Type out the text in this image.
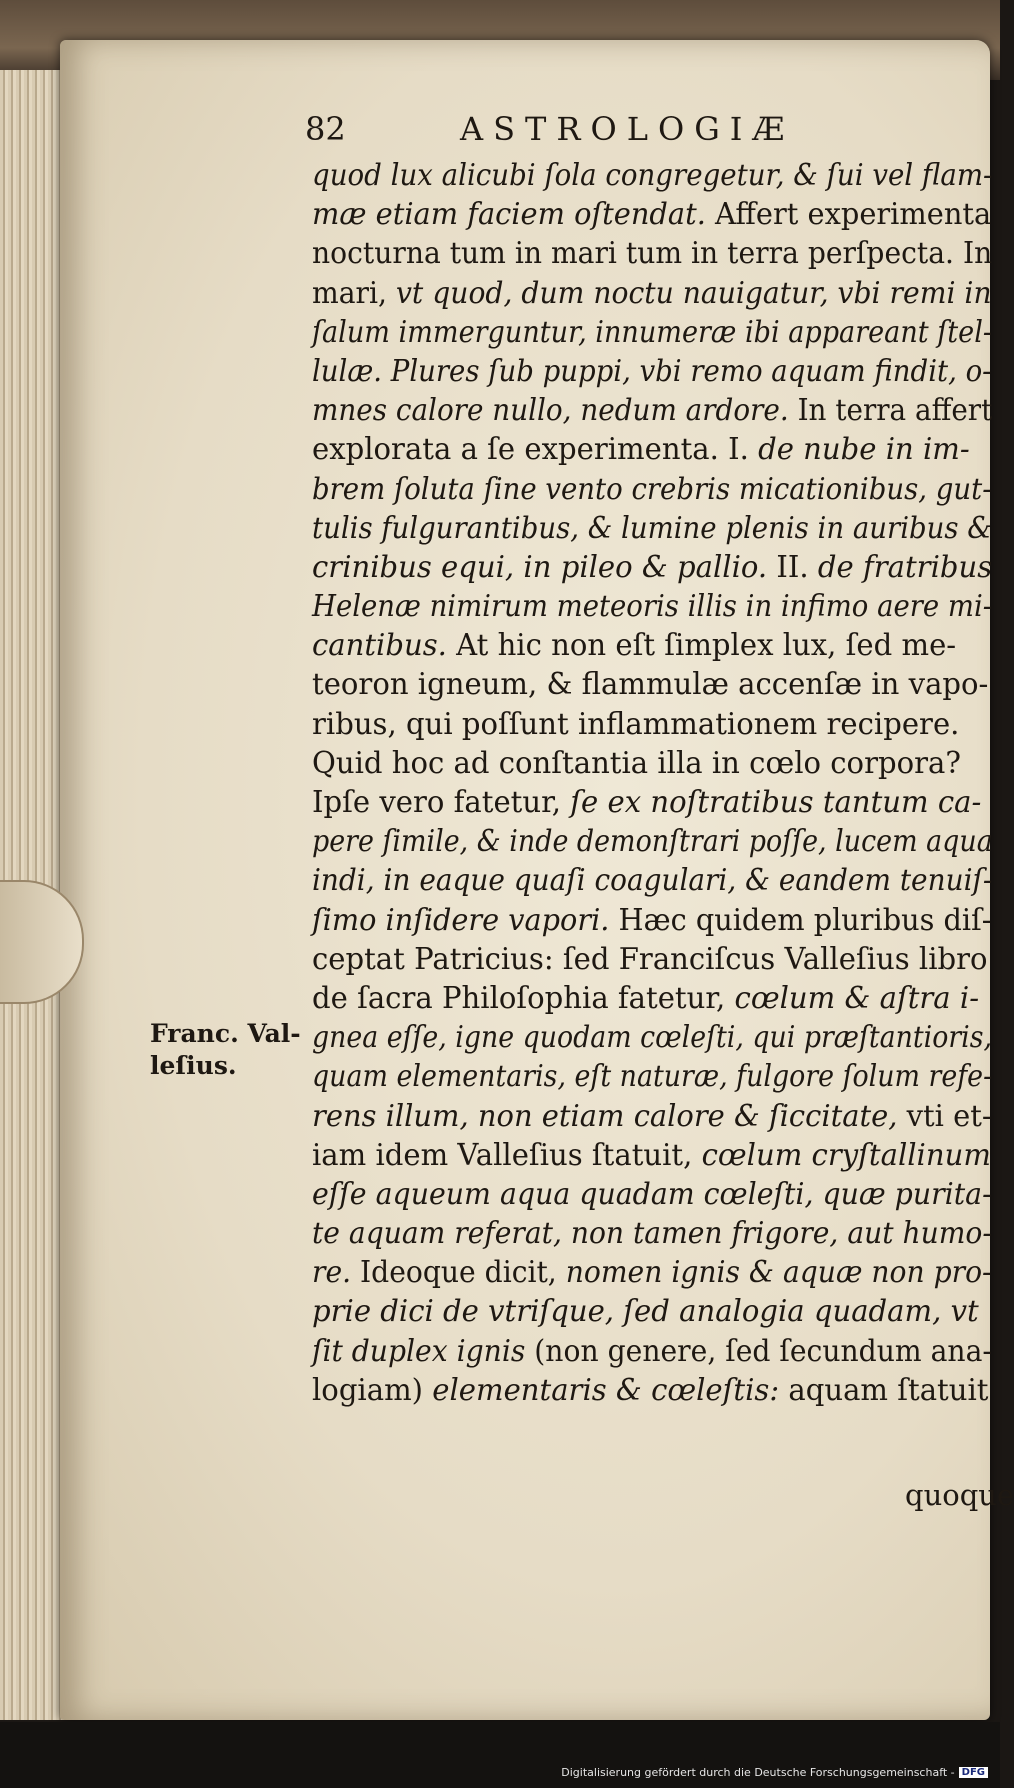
82	ASTROLOGIÆ
quod lux alicubi ſola congregetur, & ſui vel flam-
mæ etiam faciem oſtendat. Affert experimenta
nocturna tum in mari tum in terra perſpecta. In
mari, vt quod, dum noctu nauigatur, vbi remi in
ſalum immerguntur, innumeræ ibi appareant ſtel-
lulæ. Plures ſub puppi, vbi remo aquam findit, o-
mnes calore nullo, nedum ardore. In terra affert
explorata a ſe experimenta. I. de nube in im-
brem ſoluta ſine vento crebris micationibus, gut-
tulis fulgurantibus, & lumine plenis in auribus &
crinibus equi, in pileo & pallio. II. de fratribus
Helenæ nimirum meteoris illis in infimo aere mi-
cantibus. At hic non eſt ſimplex lux, ſed me-
teoron igneum, & flammulæ accenſæ in vapo-
ribus, qui poſſunt inflammationem recipere.
Quid hoc ad conſtantia illa in cœlo corpora?
Ipſe vero fatetur, ſe ex noſtratibus tantum ca-
pere ſimile, & inde demonſtrari poſſe, lucem aqua
indi, in eaque quaſi coagulari, & eandem tenuiſ-
ſimo inſidere vapori. Hæc quidem pluribus diſ-
ceptat Patricius: ſed Franciſcus Valleſius libro
de ſacra Philoſophia fatetur, cœlum & aſtra i-
gnea eſſe, igne quodam cœleſti, qui præſtantioris,
quam elementaris, eſt naturæ, fulgore ſolum refe-
rens illum, non etiam calore & ſiccitate, vti et-
iam idem Valleſius ſtatuit, cœlum cryſtallinum
eſſe aqueum aqua quadam cœleſti, quæ purita-
te aquam referat, non tamen frigore, aut humo-
re. Ideoque dicit, nomen ignis & aquæ non pro-
prie dici de vtriſque, ſed analogia quadam, vt
ſit duplex ignis (non genere, ſed ſecundum ana-
logiam) elementaris & cœleſtis: aquam ſtatuit
quoque
Franc. Val-
leſius.
Digitalisierung gefördert durch die Deutsche Forschungsgemeinschaft - DFG
